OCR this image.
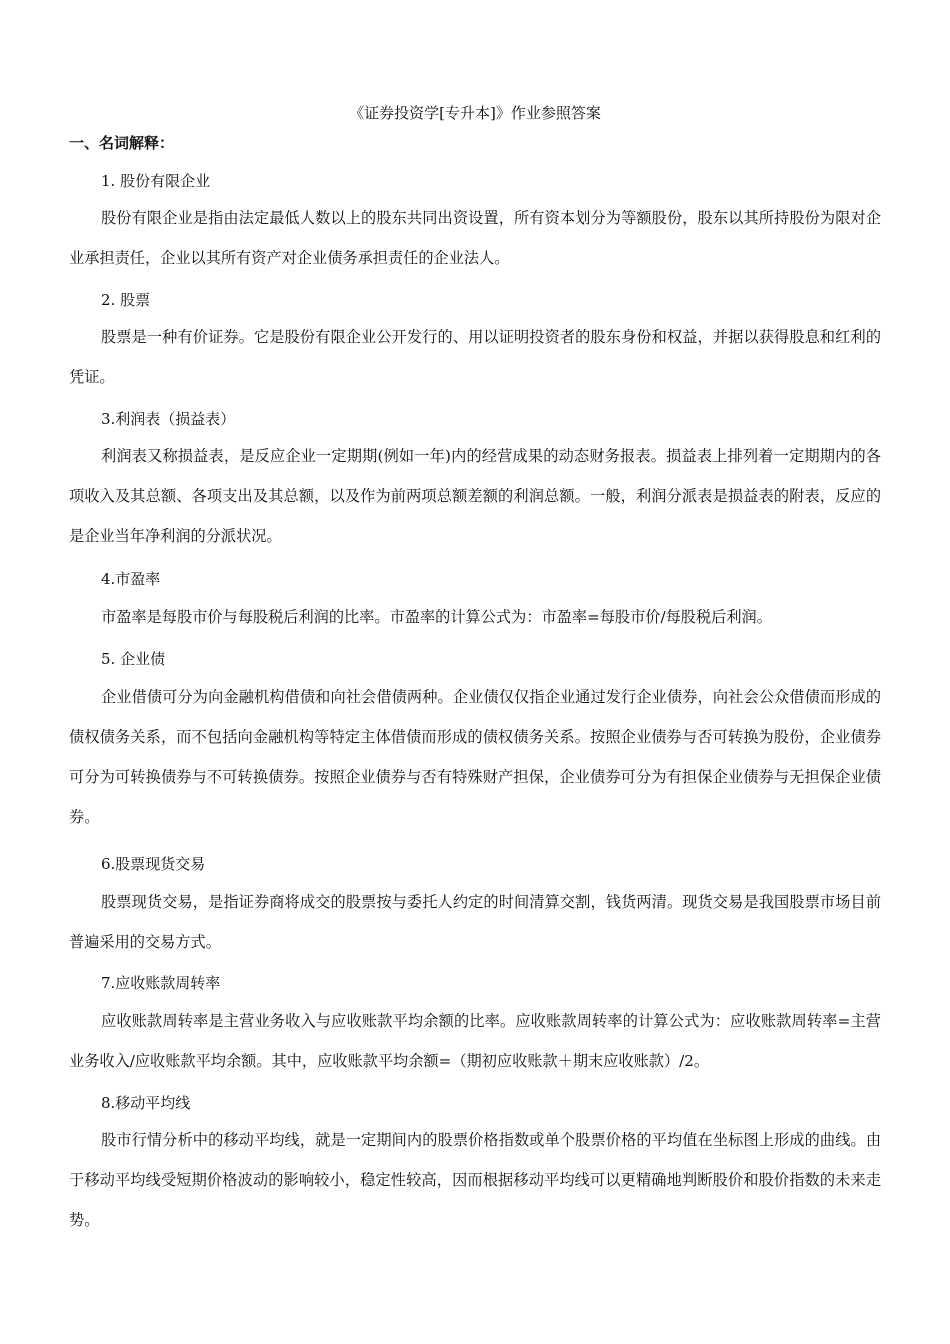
《证券投资学[专升本]》作业参照答案
一、名词解释：
1. 股份有限企业
股份有限企业是指由法定最低人数以上的股东共同出资设置，所有资本划分为等额股份，股东以其所持股份为限对企业承担责任，企业以其所有资产对企业债务承担责任的企业法人。
2. 股票
股票是一种有价证券。它是股份有限企业公开发行的、用以证明投资者的股东身份和权益，并据以获得股息和红利的凭证。
3.利润表（损益表）
利润表又称损益表，是反应企业一定期期(例如一年)内的经营成果的动态财务报表。损益表上排列着一定期期内的各项收入及其总额、各项支出及其总额，以及作为前两项总额差额的利润总额。一般，利润分派表是损益表的附表，反应的是企业当年净利润的分派状况。
4.市盈率
市盈率是每股市价与每股税后利润的比率。市盈率的计算公式为：市盈率=每股市价/每股税后利润。
5. 企业债
企业借债可分为向金融机构借债和向社会借债两种。企业债仅仅指企业通过发行企业债券，向社会公众借债而形成的债权债务关系，而不包括向金融机构等特定主体借债而形成的债权债务关系。按照企业债券与否可转换为股份，企业债券可分为可转换债券与不可转换债券。按照企业债券与否有特殊财产担保，企业债券可分为有担保企业债券与无担保企业债券。
6.股票现货交易
股票现货交易，是指证券商将成交的股票按与委托人约定的时间清算交割，钱货两清。现货交易是我国股票市场目前普遍采用的交易方式。
7.应收账款周转率
应收账款周转率是主营业务收入与应收账款平均余额的比率。应收账款周转率的计算公式为：应收账款周转率=主营业务收入/应收账款平均余额。其中，应收账款平均余额=（期初应收账款＋期末应收账款）/2。
8.移动平均线
股市行情分析中的移动平均线，就是一定期间内的股票价格指数或单个股票价格的平均值在坐标图上形成的曲线。由于移动平均线受短期价格波动的影响较小，稳定性较高，因而根据移动平均线可以更精确地判断股价和股价指数的未来走势。
